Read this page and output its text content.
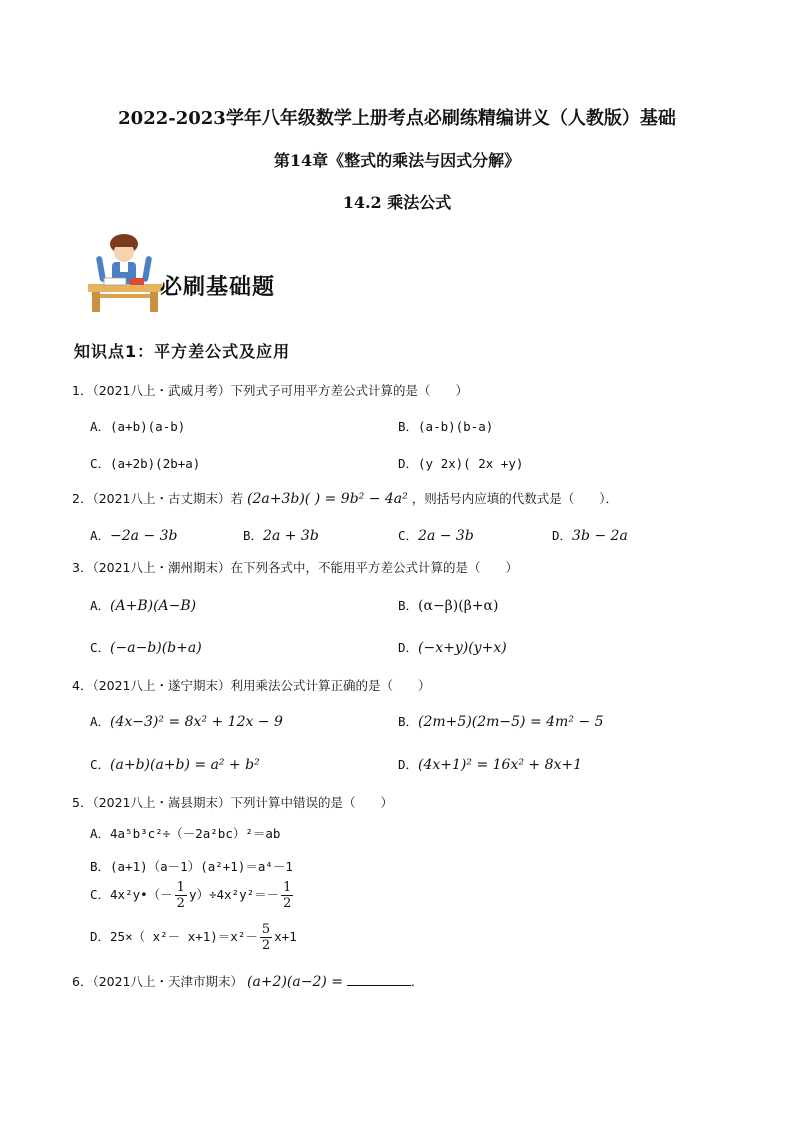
2022-2023学年八年级数学上册考点必刷练精编讲义（人教版）基础
第14章《整式的乘法与因式分解》
14.2 乘法公式
必刷基础题
知识点1：平方差公式及应用
1．（2021八上・武威月考）下列式子可用平方差公式计算的是（　　）
A．(a+b)(a-b)	B．(a-b)(b-a)
C．(a+2b)(2b+a)	D．(y 2x)( 2x +y)
2．（2021八上・古丈期末）若 (2a+3b)( ) = 9b² − 4a² ，则括号内应填的代数式是（　　）．
A．−2a − 3b	B．2a + 3b	C．2a − 3b	D．3b − 2a
3．（2021八上・潮州期末）在下列各式中，不能用平方差公式计算的是（　　）
A．(A+B)(A−B)	B．(α−β)(β+α)
C．(−a−b)(b+a)	D．(−x+y)(y+x)
4．（2021八上・遂宁期末）利用乘法公式计算正确的是（　　）
A．(4x−3)² = 8x² + 12x − 9	B．(2m+5)(2m−5) = 4m² − 5
C．(a+b)(a+b) = a² + b²	D．(4x+1)² = 16x² + 8x+1
5．（2021八上・嵩县期末）下列计算中错误的是（　　）
A．4a⁵b³c²÷（－2a²bc）²＝ab
B．(a+1)（a－1）(a²+1)＝a⁴－1
C．4x²y•（－ $\frac{1}{2} y)\div 4x^2y^2=- \frac{1}{2}$
D．25×（ $x^2- x+1)=x^2- \frac{5}{2} x+1$
6．（2021八上・天津市期末） (a+2)(a−2) =	．
